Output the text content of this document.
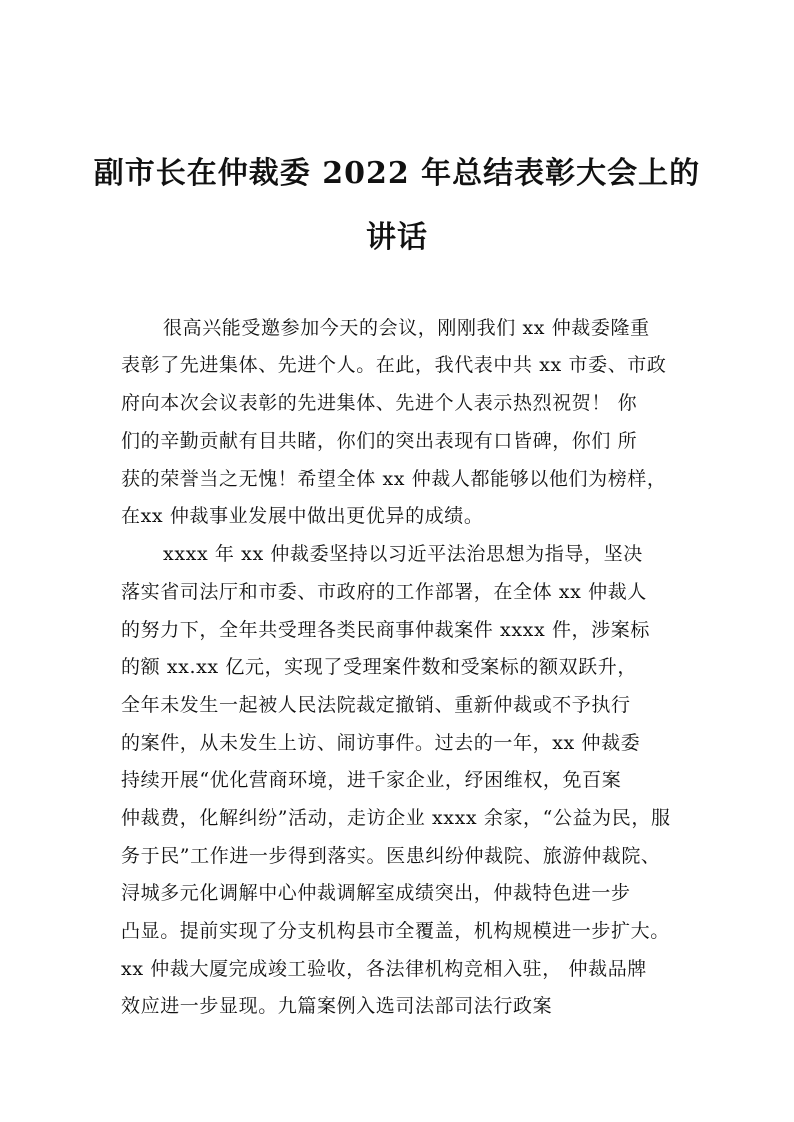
副市长在仲裁委 2022 年总结表彰大会上的
讲话
很高兴能受邀参加今天的会议，刚刚我们 xx 仲裁委隆重
表彰了先进集体、先进个人。在此，我代表中共 xx 市委、市政
府向本次会议表彰的先进集体、先进个人表示热烈祝贺！ 你
们的辛勤贡献有目共睹，你们的突出表现有口皆碑，你们 所
获的荣誉当之无愧！希望全体 xx 仲裁人都能够以他们为榜样，
在xx 仲裁事业发展中做出更优异的成绩。
xxxx 年 xx 仲裁委坚持以习近平法治思想为指导，坚决
落实省司法厅和市委、市政府的工作部署，在全体 xx 仲裁人
的努力下，全年共受理各类民商事仲裁案件 xxxx 件，涉案标
的额 xx.xx 亿元，实现了受理案件数和受案标的额双跃升，
全年未发生一起被人民法院裁定撤销、重新仲裁或不予执行
的案件，从未发生上访、闹访事件。过去的一年，xx 仲裁委
持续开展“优化营商环境，进千家企业，纾困维权，免百案
仲裁费，化解纠纷”活动，走访企业 xxxx 余家，“公益为民，服
务于民”工作进一步得到落实。医患纠纷仲裁院、旅游仲裁院、
浔城多元化调解中心仲裁调解室成绩突出，仲裁特色进一步
凸显。提前实现了分支机构县市全覆盖，机构规模进一步扩大。
xx 仲裁大厦完成竣工验收，各法律机构竞相入驻， 仲裁品牌
效应进一步显现。九篇案例入选司法部司法行政案
